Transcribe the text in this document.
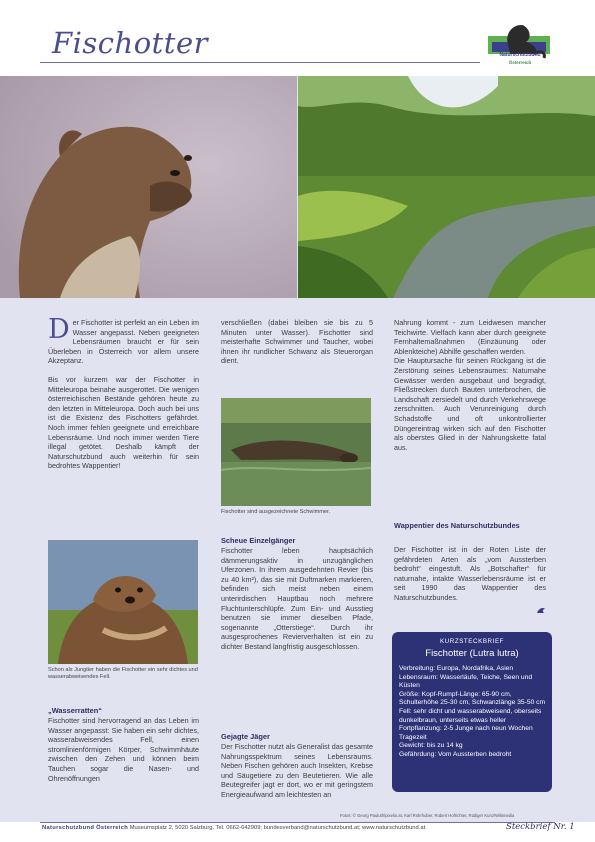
Fischotter	Naturschutzbund
Österreich
D er Fischotter ist perfekt an ein Leben im Wasser angepasst. Neben geeigneten Lebensräumen braucht er für sein Überleben in Österreich vor allem unsere Akzeptanz.

Bis vor kurzem war der Fischotter in Mitteleuropa beinahe ausgerottet. Die wenigen österreichischen Bestände gehören heute zu den letzten in Mitteleuropa. Doch auch bei uns ist die Existenz des Fischotters gefährdet. Noch immer fehlen geeignete und erreichbare Lebensräume. Und noch immer werden Tiere illegal getötet. Deshalb kämpft der Naturschutzbund auch weiterhin für sein bedrohtes Wappentier!

Schon als Jungtier haben die Fischotter ein sehr dichtes und wasserabweisendes Fell.
„Wasserratten“
Fischotter sind hervorragend an das Leben im Wasser angepasst: Sie haben ein sehr dichtes, wasserabweisendes Fell, einen stromlinienförmigen Körper, Schwimmhäute zwischen den Zehen und können beim Tauchen sogar die Nasen- und Ohrenöffnungen
verschließen (dabei bleiben sie bis zu 5 Minuten unter Wasser). Fischotter sind meisterhafte Schwimmer und Taucher, wobei ihnen ihr rundlicher Schwanz als Steuerorgan dient.
Fischotter sind ausgezeichnete Schwimmer.
Scheue Einzelgänger
Fischotter leben hauptsächlich dämmerungsaktiv in unzugänglichen Uferzonen. In ihrem ausgedehnten Revier (bis zu 40 km²), das sie mit Duftmarken markieren, befinden sich meist neben einem unterirdischen Hauptbau noch mehrere Fluchtunterschlüpfe. Zum Ein- und Ausstieg benutzen sie immer dieselben Pfade, sogenannte „Otterstiege“. Durch ihr ausgesprochenes Revierverhalten ist ein zu dichter Bestand langfristig ausgeschlossen.
Gejagte Jäger
Der Fischotter nutzt als Generalist das gesamte Nahrungsspektrum seines Lebensraums. Neben Fischen gehören auch Insekten, Krebse und Säugetiere zu den Beutetieren. Wie alle Beutegreifer jagt er dort, wo er mit geringstem Energieaufwand am leichtesten an

Nahrung kommt - zum Leidwesen mancher Teichwirte. Vielfach kann aber durch geeignete Fernhaltemaßnahmen (Einzäunung oder Ablenkteiche) Abhilfe geschaffen werden.

Die Hauptursache für seinen Rückgang ist die Zerstörung seines Lebensraumes: Naturnahe Gewässer werden ausgebaut und begradigt, Fließstrecken durch Bauten unterbrochen, die Landschaft zersiedelt und durch Verkehrswege zerschnitten. Auch Verunreinigung durch Schadstoffe und oft unkontrollierter Düngereintrag wirken sich auf den Fischotter als oberstes Glied in der Nahrungskette fatal aus.

Wappentier des Naturschutzbundes
Der Fischotter ist in der Roten Liste der gefährdeten Arten als „vom Aussterben bedroht“ eingestuft. Als „Botschafter“ für naturnahe, intakte Wasserlebensräume ist er seit 1990 das Wappentier des Naturschutzbundes.
KURZSTECKBRIEF
Fischotter (Lutra lutra)
Verbreitung: Europa, Nordafrika, Asien
Lebensraum: Wasserläufe, Teiche, Seen und Küsten
Größe: Kopf-Rumpf-Länge: 65-90 cm, Schulterhöhe 25-30 cm, Schwanzlänge 35-50 cm
Fell: sehr dicht und wasserabweisend, oberseits dunkelbraun, unterseits etwas heller
Fortpflanzung: 2-5 Junge nach neun Wochen Tragezeit
Gewicht: bis zu 14 kg
Gefährdung: Vom Aussterben bedroht
Fotos: © Georg Pauluth/pixelio.at, Karl Rohrhuber, Robert Hofrichter, Rüdiger Kunz/Wikimedia
Naturschutzbund Österreich Museumsplatz 2, 5020 Salzburg, Tel. 0662-642909; bundesverband@naturschutzbund.at; www.naturschutzbund.at	Steckbrief Nr. 1
